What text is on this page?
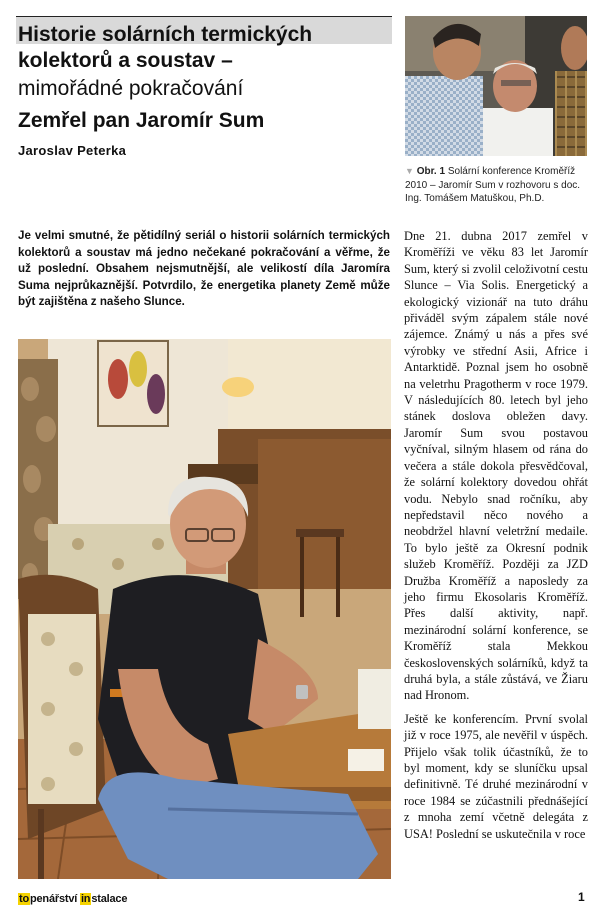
Historie solárních termických
kolektorů a soustav –
mimořádné pokračování
Zemřel pan Jaromír Sum
Jaroslav Peterka
▼ Obr. 1 Solární konference Kroměříž 2010 – Jaromír Sum v rozhovoru s doc. Ing. Tomášem Matuškou, Ph.D.
Je velmi smutné, že pětidílný seriál o historii solárních termických kolektorů a soustav má jedno nečekané pokračování a věřme, že už poslední. Obsahem nejsmutnější, ale velikostí díla Jaromíra Suma nejprůkaznější. Potvrdilo, že energetika planety Země může být zajištěna z našeho Slunce.

Dne 21. dubna 2017 zemřel v Kroměříži ve věku 83 let Jaromír Sum, který si zvolil celoživotní cestu Slunce – Via Solis. Energetický a ekologický vizionář na tuto dráhu přiváděl svým zápalem stále nové zájemce. Známý u nás a přes své výrobky ve střední Asii, Africe i Antarktidě. Poznal jsem ho osobně na veletrhu Pragotherm v roce 1979. V následujících 80. letech byl jeho stánek doslova obležen davy. Jaromír Sum svou postavou vyčníval, silným hlasem od rána do večera a stále dokola přesvědčoval, že solární kolektory dovedou ohřát vodu. Nebylo snad ročníku, aby nepředstavil něco nového a neobdržel hlavní veletržní medaile. To bylo ještě za Okresní podnik služeb Kroměříž. Později za JZD Družba Kroměříž a naposledy za jeho firmu Ekosolaris Kroměříž. Přes další aktivity, např. mezinárodní solární konference, se Kroměříž stala Mekkou československých solárníků, když ta druhá byla, a stále zůstává, ve Žiaru nad Hronom.

Ještě ke konferencím. První svolal již v roce 1975, ale nevěřil v úspěch. Přijelo však tolik účastníků, že to byl moment, kdy se sluníčku upsal definitivně. Té druhé mezinárodní v roce 1984 se zúčastnili přednášející z mnoha zemí včetně delegáta z USA! Poslední se uskutečnila v roce

topenářství instalace	1
